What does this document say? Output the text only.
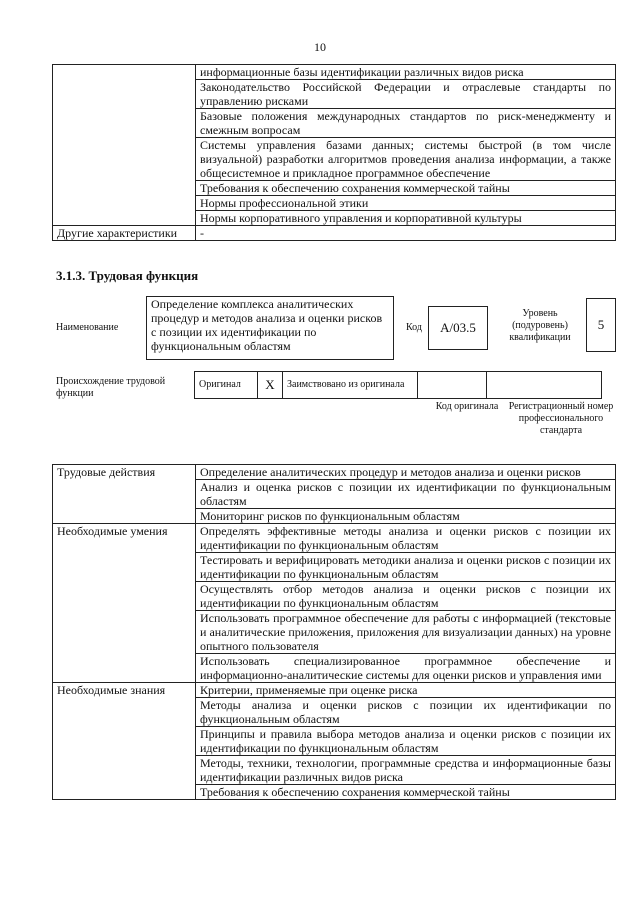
10
	информационные базы идентификации различных видов риска
	Законодательство Российской Федерации и отраслевые стандарты по управлению рисками
	Базовые положения международных стандартов по риск-менеджменту и смежным вопросам
	Системы управления базами данных; системы быстрой (в том числе визуальной) разработки алгоритмов проведения анализа информации, а также общесистемное и прикладное программное обеспечение
	Требования к обеспечению сохранения коммерческой тайны
	Нормы профессиональной этики
	Нормы корпоративного управления и корпоративной культуры
Другие характеристики	-
3.1.3. Трудовая функция
Наименование
Определение комплекса аналитических процедур и методов анализа и оценки рисков с позиции их идентификации по функциональным областям
Код	A/03.5
Уровень (подуровень) квалификации
5
Происхождение трудовой функции
Оригинал	X	Заимствовано из оригинала		
Код оригинала	Регистрационный номер профессионального стандарта
Трудовые действия	Определение аналитических процедур и методов анализа и оценки рисков
	Анализ и оценка рисков с позиции их идентификации по функциональным областям
	Мониторинг рисков по функциональным областям
Необходимые умения	Определять эффективные методы анализа и оценки рисков с позиции их идентификации по функциональным областям
	Тестировать и верифицировать методики анализа и оценки рисков с позиции их идентификации по функциональным областям
	Осуществлять отбор методов анализа и оценки рисков с позиции их идентификации по функциональным областям
	Использовать программное обеспечение для работы с информацией (текстовые и аналитические приложения, приложения для визуализации данных) на уровне опытного пользователя
	Использовать специализированное программное обеспечение и информационно-аналитические системы для оценки рисков и управления ими
Необходимые знания	Критерии, применяемые при оценке риска
	Методы анализа и оценки рисков с позиции их идентификации по функциональным областям
	Принципы и правила выбора методов анализа и оценки рисков с позиции их идентификации по функциональным областям
	Методы, техники, технологии, программные средства и информационные базы идентификации различных видов риска
	Требования к обеспечению сохранения коммерческой тайны
